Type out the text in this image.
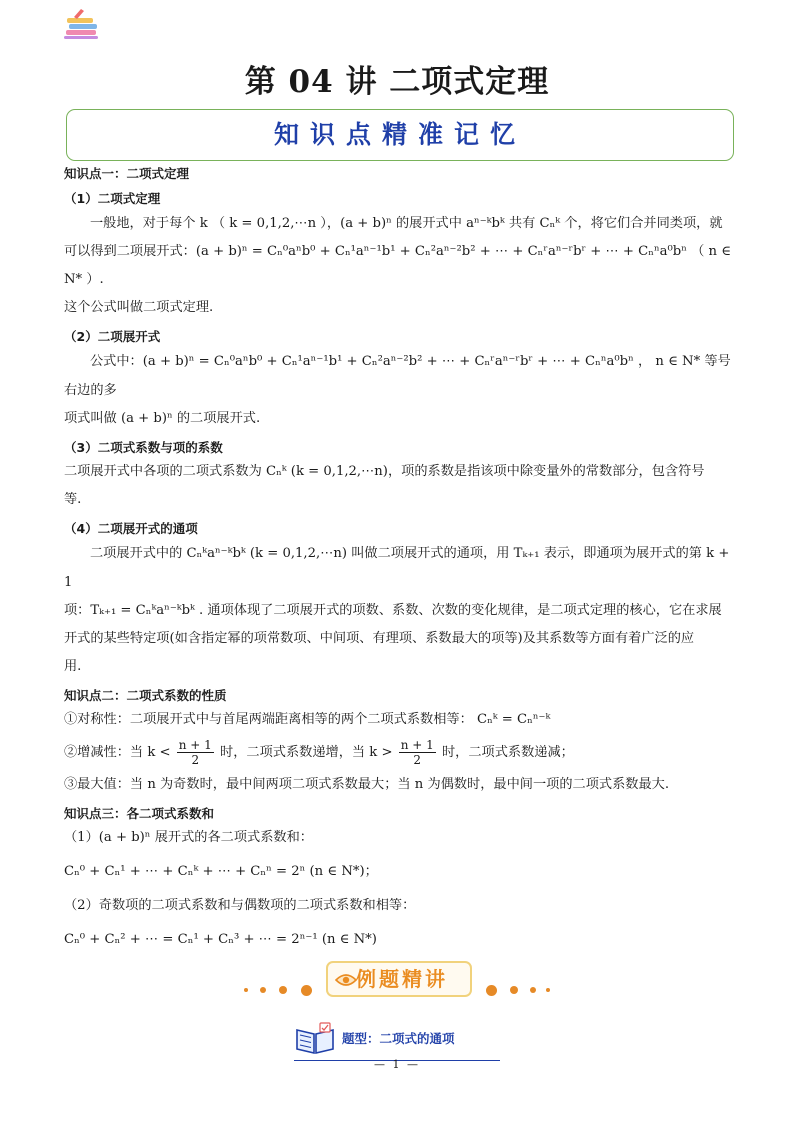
第 04 讲 二项式定理
知识点精准记忆

知识点一：二项式定理

（1）二项式定理

一般地，对于每个 k （ k = 0,1,2,⋯n ），(a + b)ⁿ 的展开式中 aⁿ⁻ᵏbᵏ 共有 Cₙᵏ 个，将它们合并同类项，就

可以得到二项展开式：(a + b)ⁿ = Cₙ⁰aⁿb⁰ + Cₙ¹aⁿ⁻¹b¹ + Cₙ²aⁿ⁻²b² + ⋯ + Cₙʳaⁿ⁻ʳbʳ + ⋯ + Cₙⁿa⁰bⁿ （ n ∈ N* ）.

这个公式叫做二项式定理.

（2）二项展开式

公式中：(a + b)ⁿ = Cₙ⁰aⁿb⁰ + Cₙ¹aⁿ⁻¹b¹ + Cₙ²aⁿ⁻²b² + ⋯ + Cₙʳaⁿ⁻ʳbʳ + ⋯ + Cₙⁿa⁰bⁿ ， n ∈ N* 等号右边的多

项式叫做 (a + b)ⁿ 的二项展开式.

（3）二项式系数与项的系数

二项展开式中各项的二项式系数为 Cₙᵏ (k = 0,1,2,⋯n)，项的系数是指该项中除变量外的常数部分，包含符号

等.

（4）二项展开式的通项

二项展开式中的 Cₙᵏaⁿ⁻ᵏbᵏ (k = 0,1,2,⋯n) 叫做二项展开式的通项，用 Tₖ₊₁ 表示，即通项为展开式的第 k + 1

项：Tₖ₊₁ = Cₙᵏaⁿ⁻ᵏbᵏ . 通项体现了二项展开式的项数、系数、次数的变化规律，是二项式定理的核心，它在求展

开式的某些特定项(如含指定幂的项常数项、中间项、有理项、系数最大的项等)及其系数等方面有着广泛的应

用.

知识点二：二项式系数的性质

①对称性：二项展开式中与首尾两端距离相等的两个二项式系数相等： Cₙᵏ = Cₙⁿ⁻ᵏ

②增减性：当 $k < \frac{n + 1}{2}$ 时，二项式系数递增，当 $k > \frac{n + 1}{2}$ 时，二项式系数递减；

③最大值：当 n 为奇数时，最中间两项二项式系数最大；当 n 为偶数时，最中间一项的二项式系数最大.

知识点三：各二项式系数和

（1）(a + b)ⁿ 展开式的各二项式系数和：

Cₙ⁰ + Cₙ¹ + ⋯ + Cₙᵏ + ⋯ + Cₙⁿ = 2ⁿ (n ∈ N*)；

（2）奇数项的二项式系数和与偶数项的二项式系数和相等：

Cₙ⁰ + Cₙ² + ⋯ = Cₙ¹ + Cₙ³ + ⋯ = 2ⁿ⁻¹ (n ∈ N*)

例题精讲
题型：二项式的通项
— 1 —
